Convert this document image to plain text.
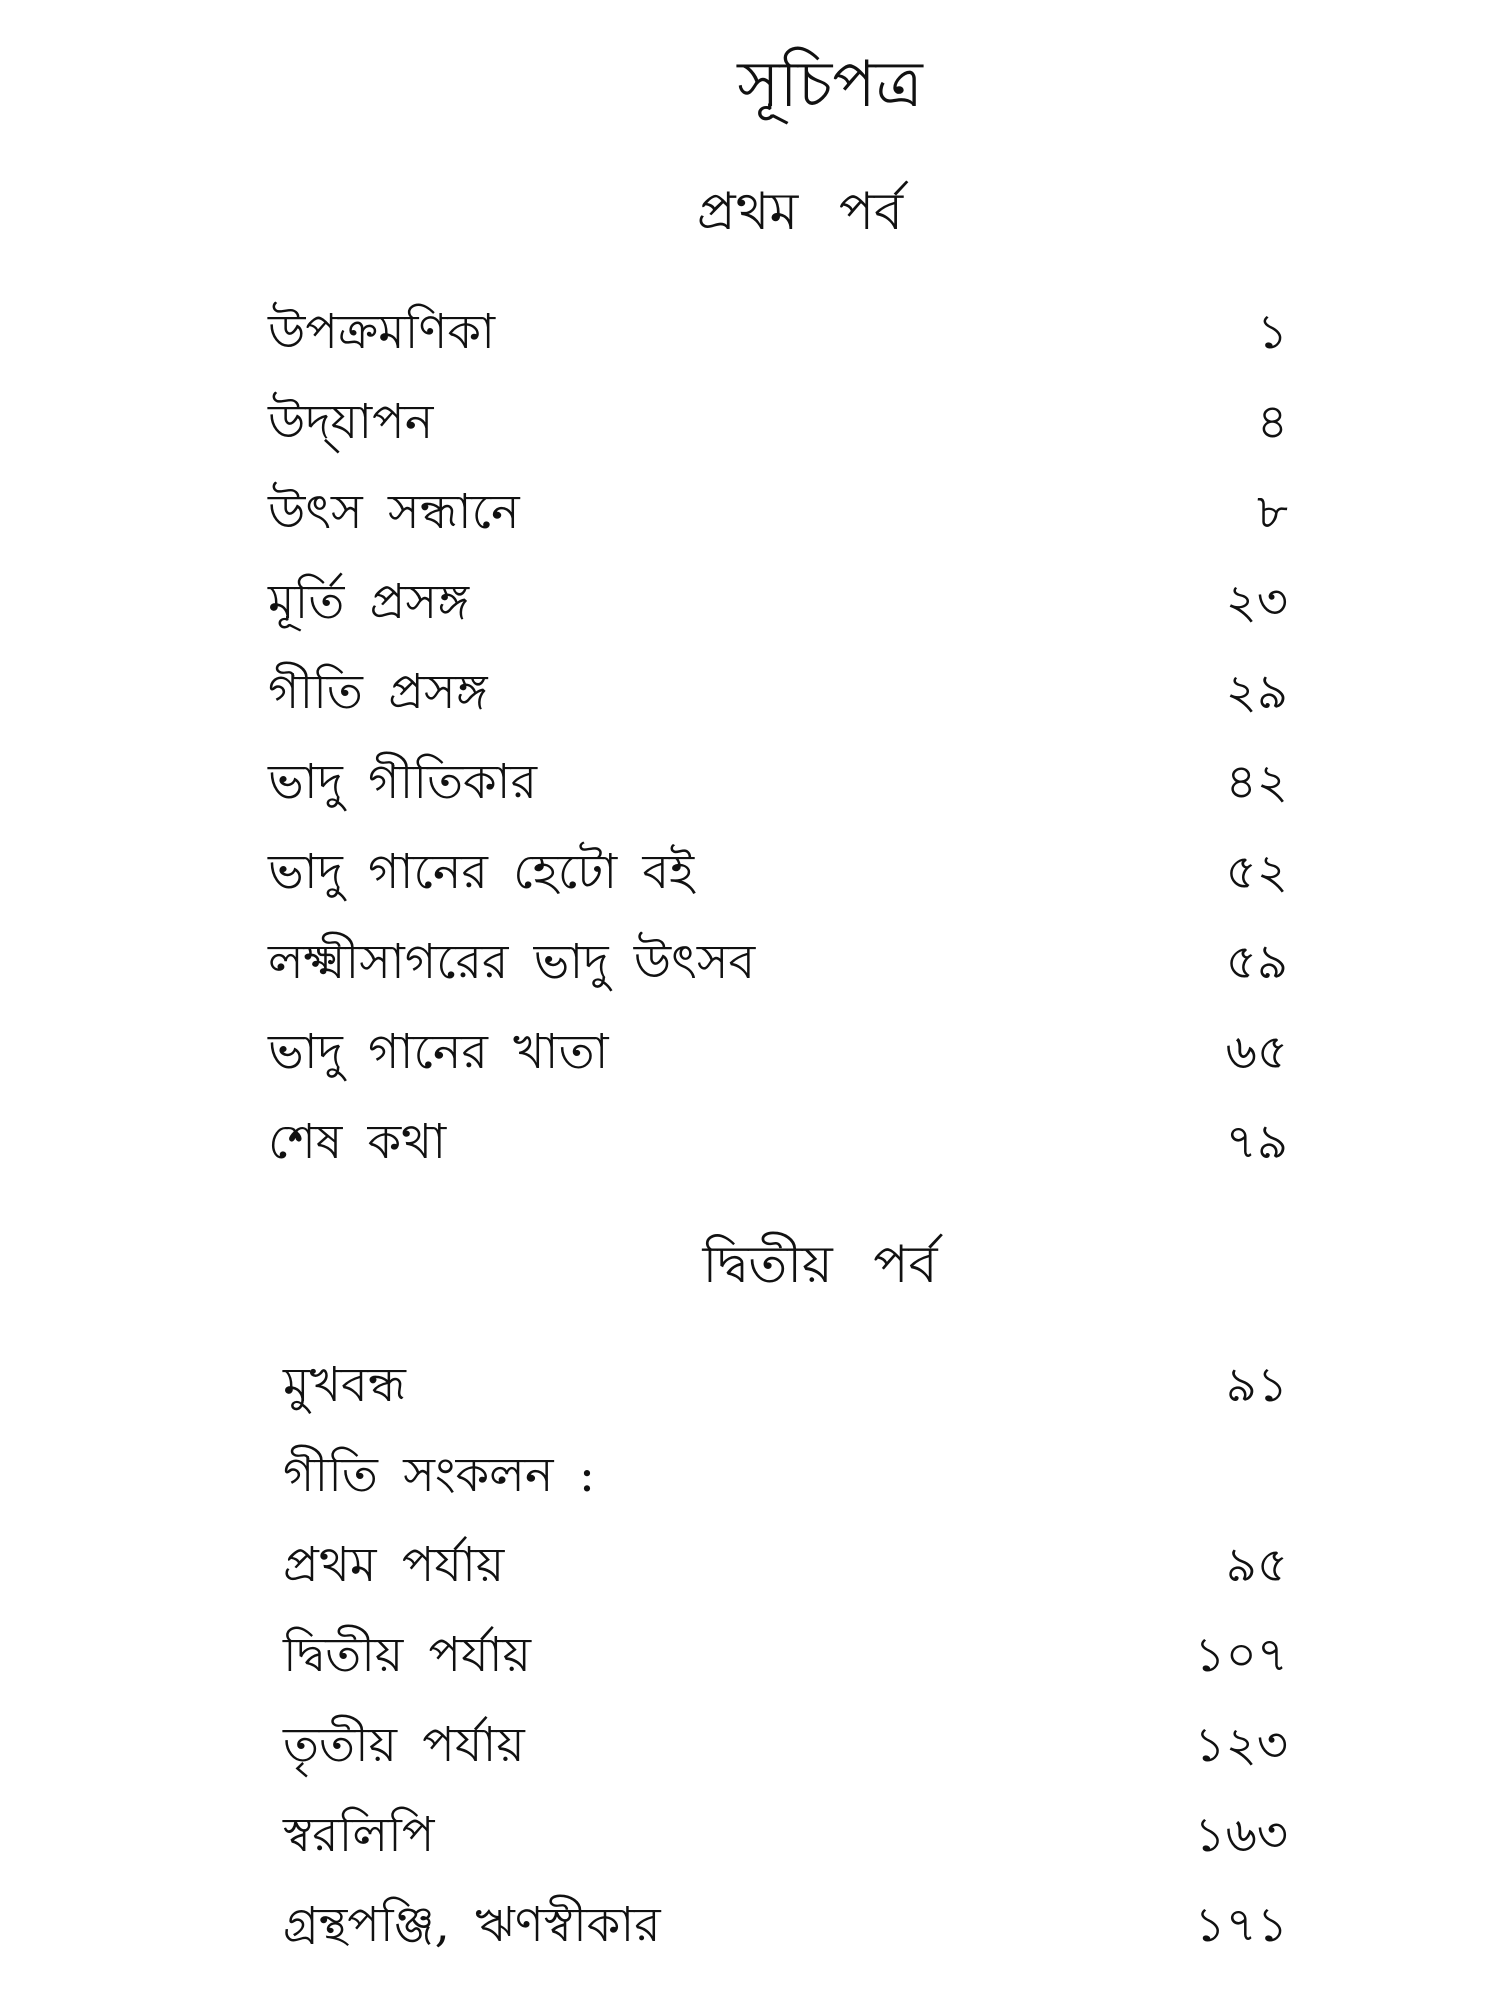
সূচিপত্র
প্রথম পর্ব
উপক্রমণিকা	১
উদ্‌যাপন	৪
উৎস সন্ধানে	৮
মূর্তি প্রসঙ্গ	২৩
গীতি প্রসঙ্গ	২৯
ভাদু গীতিকার	৪২
ভাদু গানের হেটো বই	৫২
লক্ষ্মীসাগরের ভাদু উৎসব	৫৯
ভাদু গানের খাতা	৬৫
শেষ কথা	৭৯
দ্বিতীয় পর্ব
মুখবন্ধ	৯১
গীতি সংকলন :
প্রথম পর্যায়	৯৫
দ্বিতীয় পর্যায়	১০৭
তৃতীয় পর্যায়	১২৩
স্বরলিপি	১৬৩
গ্রন্থপঞ্জি, ঋণস্বীকার	১৭১
